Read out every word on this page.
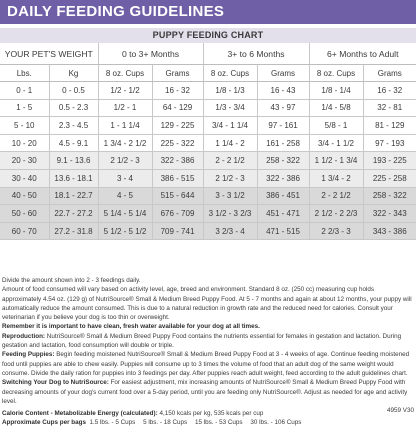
DAILY FEEDING GUIDELINES
PUPPY FEEDING CHART
YOUR PET'S WEIGHT		0 to 3+ Months		3+ to 6 Months		6+ Months to Adult	
Lbs.	Kg	8 oz. Cups	Grams	8 oz. Cups	Grams	8 oz. Cups	Grams
0 - 1	0 - 0.5	1/2 - 1/2	16 - 32	1/8 - 1/3	16 - 43	1/8 - 1/4	16 - 32
1 - 5	0.5 - 2.3	1/2 - 1	64 - 129	1/3 - 3/4	43 - 97	1/4 - 5/8	32 - 81
5 - 10	2.3 - 4.5	1 - 1 1/4	129 - 225	3/4 - 1 1/4	97 - 161	5/8 - 1	81 - 129
10 - 20	4.5 - 9.1	1 3/4 - 2 1/2	225 - 322	1 1/4 - 2	161 - 258	3/4 - 1 1/2	97 - 193
20 - 30	9.1 - 13.6	2 1/2 - 3	322 - 386	2 - 2 1/2	258 - 322	1 1/2 - 1 3/4	193 - 225
30 - 40	13.6 - 18.1	3 - 4	386 - 515	2 1/2 - 3	322 - 386	1 3/4 - 2	225 - 258
40 - 50	18.1 - 22.7	4 - 5	515 - 644	3 - 3 1/2	386 - 451	2 - 2 1/2	258 - 322
50 - 60	22.7 - 27.2	5 1/4 - 5 1/4	676 - 709	3 1/2 - 3 2/3	451 - 471	2 1/2 - 2 2/3	322 - 343
60 - 70	27.2 - 31.8	5 1/2 - 5 1/2	709 - 741	3 2/3 - 4	471 - 515	2 2/3 - 3	343 - 386

Divide the amount shown into 2 - 3 feedings daily.

Amount of food consumed will vary based on activity level, age, breed and environment. Standard 8 oz. (250 cc) measuring cup holds approximately 4.54 oz. (129 g) of NutriSource® Small & Medium Breed Puppy Food. At 5 - 7 months and again at about 12 months, your puppy will automatically reduce the amount consumed. This is due to a natural reduction in growth rate and the reduced need for calories. Consult your veterinarian if you believe your dog is too thin or overweight.

Remember it is important to have clean, fresh water available for your dog at all times.

Reproduction: NutriSource® Small & Medium Breed Puppy Food contains the nutrients essential for females in gestation and lactation. During gestation and lactation, food consumption will double or triple.

Feeding Puppies: Begin feeding moistened NutriSource® Small & Medium Breed Puppy Food at 3 - 4 weeks of age. Continue feeding moistened food until puppies are able to chew easily. Puppies will consume up to 3 times the volume of food that an adult dog of the same weight would consume. Divide the daily ration for puppies into 3 feedings per day. After puppies reach adult weight, feed according to the adult guidelines chart.

Switching Your Dog to NutriSource: For easiest adjustment, mix increasing amounts of NutriSource® Small & Medium Breed Puppy Food with decreasing amounts of your dog's current food over a 5-day period, until you are feeding only NutriSource®. Adjust as needed for age and activity level.

Calorie Content - Metabolizable Energy (calculated): 4,150 kcals per kg, 535 kcals per cup

Approximate Cups per bags 1.5 lbs. - 5 Cups 5 lbs. - 18 Cups 15 lbs. - 53 Cups 30 lbs. - 106 Cups

4959 V30
